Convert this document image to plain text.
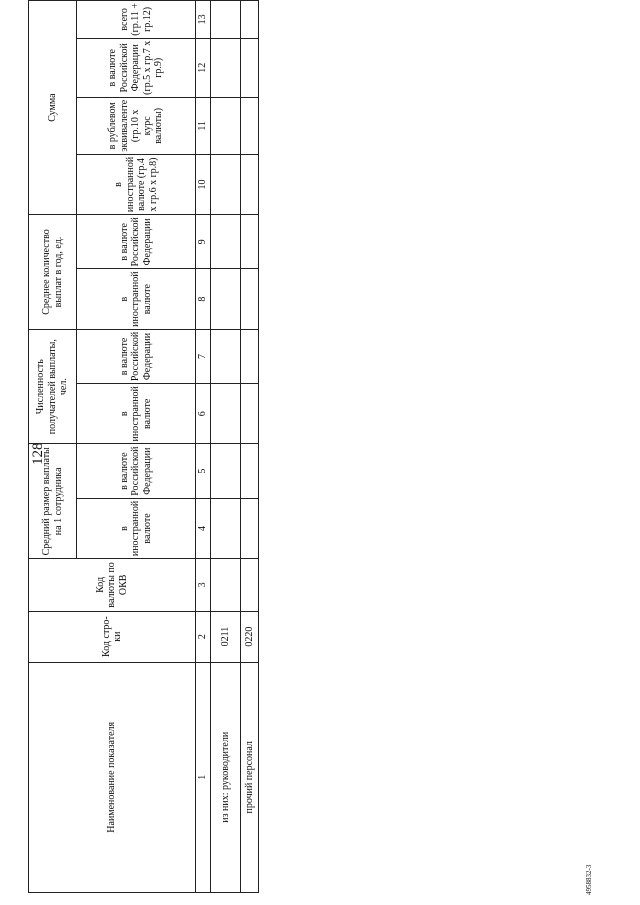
128
Наименование показателя	Код стро-ки	Код валюты по ОКВ	Средний размер выплаты на 1 сотрудника		Численность получателей выплаты, чел.		Среднее количество выплат в год, ед.		Сумма			
			в иностранной валюте	в валюте Российской Федерации	в иностранной валюте	в валюте Российской Федерации	в иностранной валюте	в валюте Российской Федерации	в иностранной валюте (гр.4 x гр.6 x гр.8)	в рублевом эквиваленте (гр.10 x курс валюты)	в валюте Российской Федерации (гр.5 x гр.7 x гр.9)	всего (гр.11 + гр.12)
1	2	3	4	5	6	7	8	9	10	11	12	13
из них: руководители	0211											
прочий персонал	0220											
4958832-3
